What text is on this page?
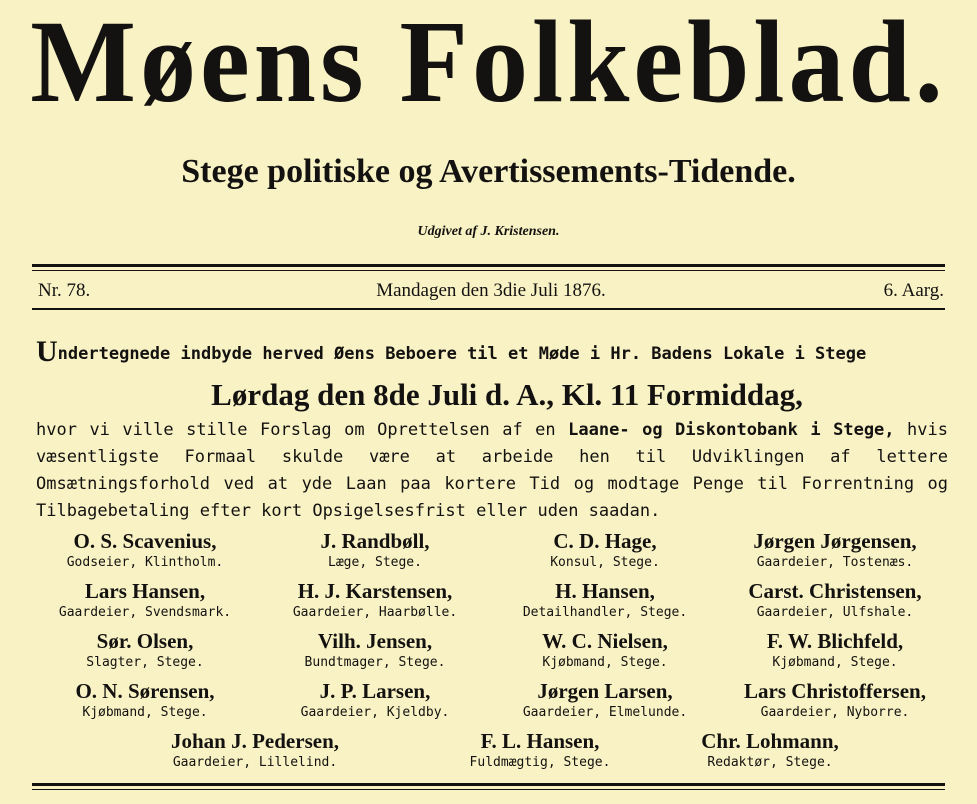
Møens Folkeblad.
Stege politiske og Avertissements-Tidende.
Udgivet af J. Kristensen.
Mandagen den 3die Juli 1876.
Nr. 78.	6. Aarg.
Undertegnede indbyde herved Øens Beboere til et Møde i Hr. Badens Lokale i Stege
Lørdag den 8de Juli d. A., Kl. 11 Formiddag,
hvor vi ville stille Forslag om Oprettelsen af en Laane- og Diskontobank i Stege, hvis væsentligste Formaal skulde være at arbeide hen til Udviklingen af lettere Omsætningsforhold ved at yde Laan paa kortere Tid og modtage Penge til Forrentning og Tilbagebetaling efter kort Opsigelsesfrist eller uden saadan.
O. S. Scavenius,
Godseier, Klintholm.
J. Randbøll,
Læge, Stege.
C. D. Hage,
Konsul, Stege.
Jørgen Jørgensen,
Gaardeier, Tostenæs.
Lars Hansen,
Gaardeier, Svendsmark.
H. J. Karstensen,
Gaardeier, Haarbølle.
H. Hansen,
Detailhandler, Stege.
Carst. Christensen,
Gaardeier, Ulfshale.
Sør. Olsen,
Slagter, Stege.
Vilh. Jensen,
Bundtmager, Stege.
W. C. Nielsen,
Kjøbmand, Stege.
F. W. Blichfeld,
Kjøbmand, Stege.
O. N. Sørensen,
Kjøbmand, Stege.
J. P. Larsen,
Gaardeier, Kjeldby.
Jørgen Larsen,
Gaardeier, Elmelunde.
Lars Christoffersen,
Gaardeier, Nyborre.
Johan J. Pedersen,
Gaardeier, Lillelind.
F. L. Hansen,
Fuldmægtig, Stege.
Chr. Lohmann,
Redaktør, Stege.
